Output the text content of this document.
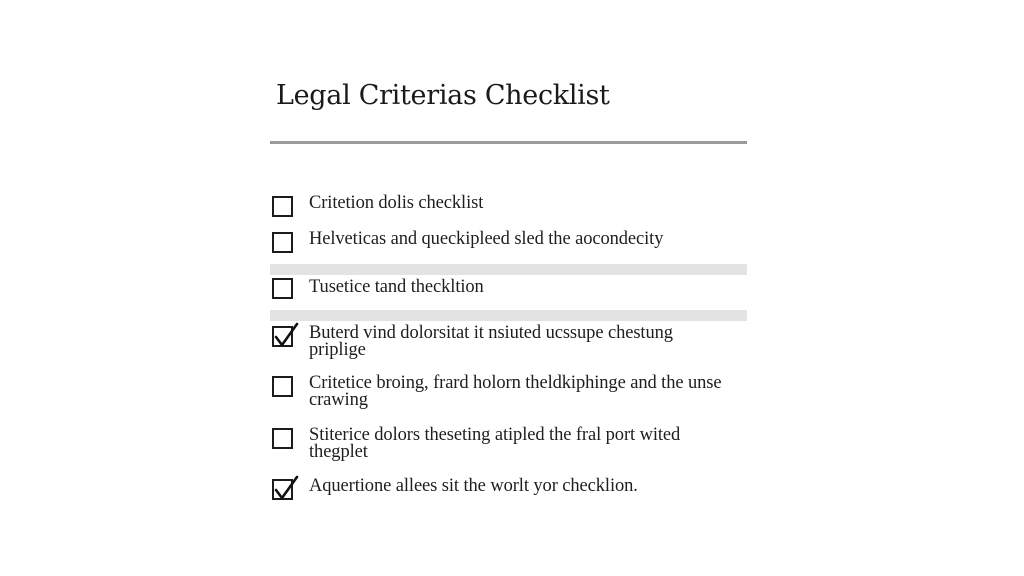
Legal Criterias Checklist
Critetion dolis checklist
Helveticas and queckipleed sled the aocondecity
Tusetice tand theckltion
Buterd vind dolorsitat it nsiuted ucssupe chestung priplige
Critetice broing, frard holorn theldkiphinge and the unse crawing
Stiterice dolors theseting atipled the fral port wited thegplet
Aquertione allees sit the worlt yor checklion.
